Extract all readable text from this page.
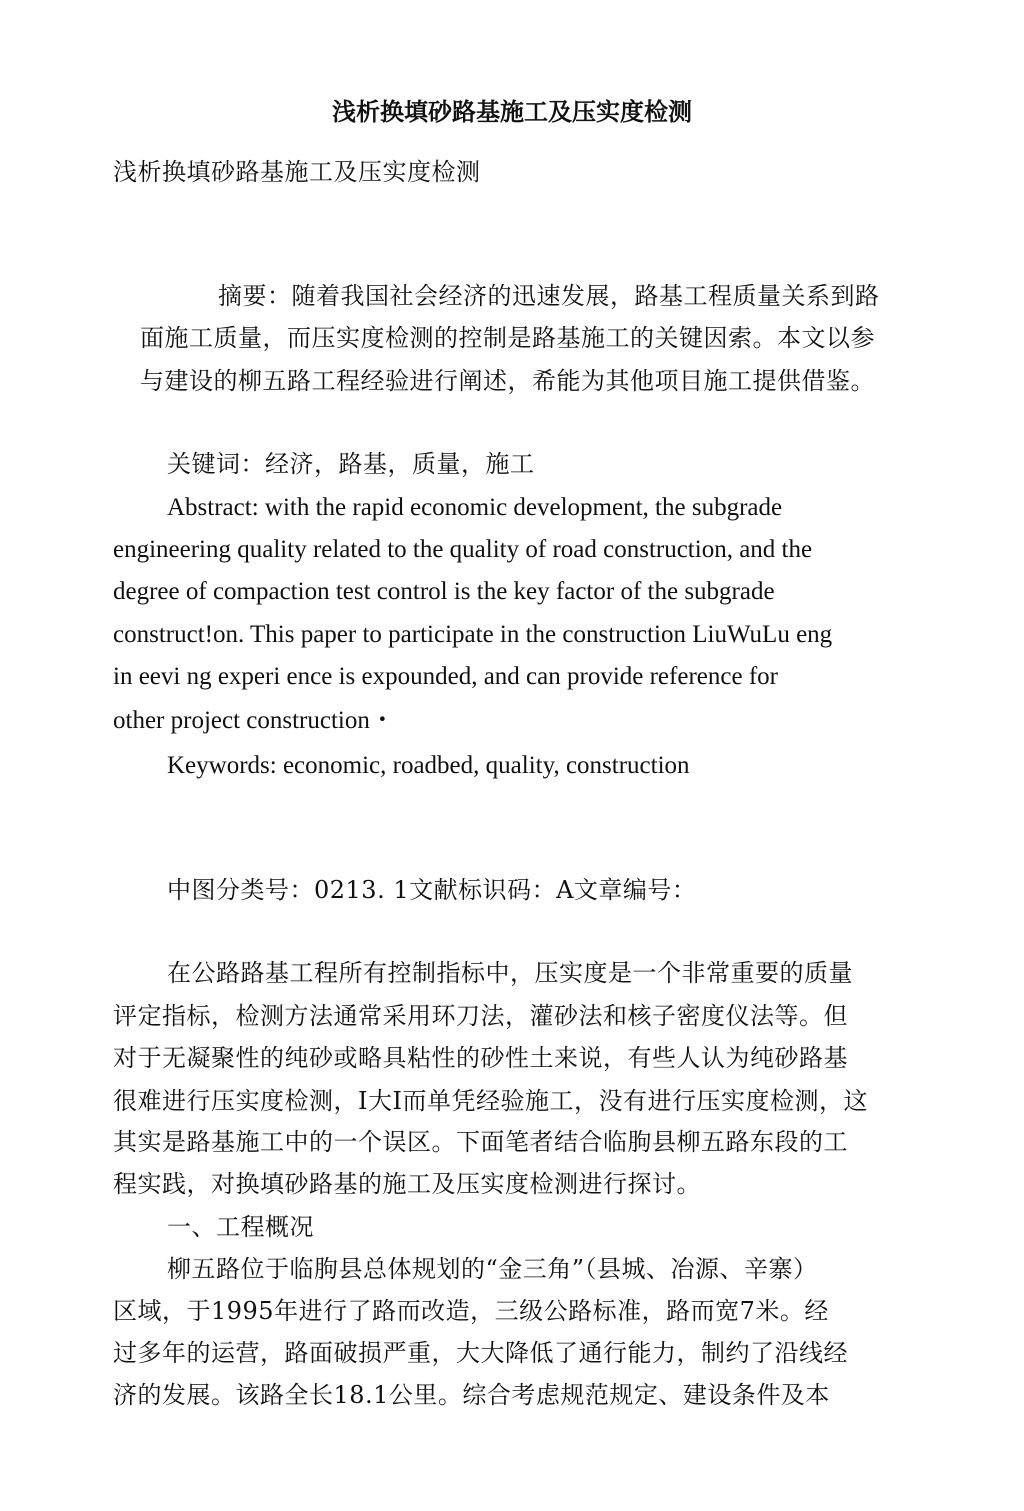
浅析换填砂路基施工及压实度检测
浅析换填砂路基施工及压实度检测
摘要：随着我国社会经济的迅速发展，路基工程质量关系到路
面施工质量，而压实度检测的控制是路基施工的关键因索。本文以参
与建设的柳五路工程经验进行阐述，希能为其他项目施工提供借鉴。
关键词：经济，路基，质量，施工
Abstract: with the rapid economic development, the subgrade
engineering quality related to the quality of road construction, and the
degree of compaction test control is the key factor of the subgrade
construct!on. This paper to participate in the construction LiuWuLu eng
in eevi ng experi ence is expounded, and can provide reference for
other project construction・
Keywords: economic, roadbed, quality, construction
中图分类号：0213. 1文献标识码：A文章编号：
在公路路基工程所有控制指标中，压实度是一个非常重要的质量
评定指标，检测方法通常采用环刀法，灌砂法和核子密度仪法等。但
对于无凝聚性的纯砂或略具粘性的砂性土来说，有些人认为纯砂路基
很难进行压实度检测，I大I而单凭经验施工，没有进行压实度检测，这
其实是路基施工中的一个误区。下面笔者结合临朐县柳五路东段的工
程实践，对换填砂路基的施工及压实度检测进行探讨。
一、工程概况
柳五路位于临朐县总体规划的“金三角”（县城、冶源、辛寨）
区域，于1995年进行了路而改造，三级公路标准，路而宽7米。经
过多年的运营，路面破损严重，大大降低了通行能力，制约了沿线经
济的发展。该路全长18.1公里。综合考虑规范规定、建设条件及本
